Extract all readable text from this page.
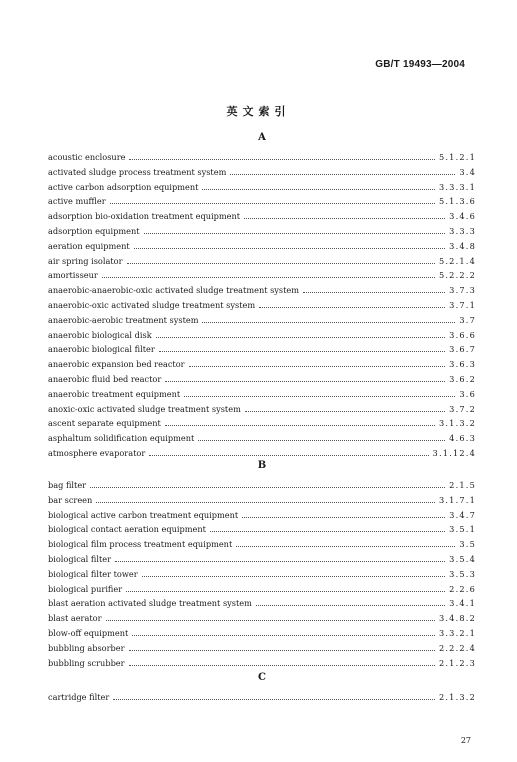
GB/T 19493—2004
英文索引
A
acoustic enclosure	5.1.2.1
activated sludge process treatment system	3.4
active carbon adsorption equipment	3.3.3.1
active muffler	5.1.3.6
adsorption bio-oxidation treatment equipment	3.4.6
adsorption equipment	3.3.3
aeration equipment	3.4.8
air spring isolator	5.2.1.4
amortisseur	5.2.2.2
anaerobic-anaerobic-oxic activated sludge treatment system	3.7.3
anaerobic-oxic activated sludge treatment system	3.7.1
anaerobic-aerobic treatment system	3.7
anaerobic biological disk	3.6.6
anaerobic biological filter	3.6.7
anaerobic expansion bed reactor	3.6.3
anaerobic fluid bed reactor	3.6.2
anaerobic treatment equipment	3.6
anoxic-oxic activated sludge treatment system	3.7.2
ascent separate equipment	3.1.3.2
asphaltum solidification equipment	4.6.3
atmosphere evaporator	3.1.12.4
B
bag filter	2.1.5
bar screen	3.1.7.1
biological active carbon treatment equipment	3.4.7
biological contact aeration equipment	3.5.1
biological film process treatment equipment	3.5
biological filter	3.5.4
biological filter tower	3.5.3
biological purifier	2.2.6
blast aeration activated sludge treatment system	3.4.1
blast aerator	3.4.8.2
blow-off equipment	3.3.2.1
bubbling absorber	2.2.2.4
bubbling scrubber	2.1.2.3
C
cartridge filter	2.1.3.2
27
